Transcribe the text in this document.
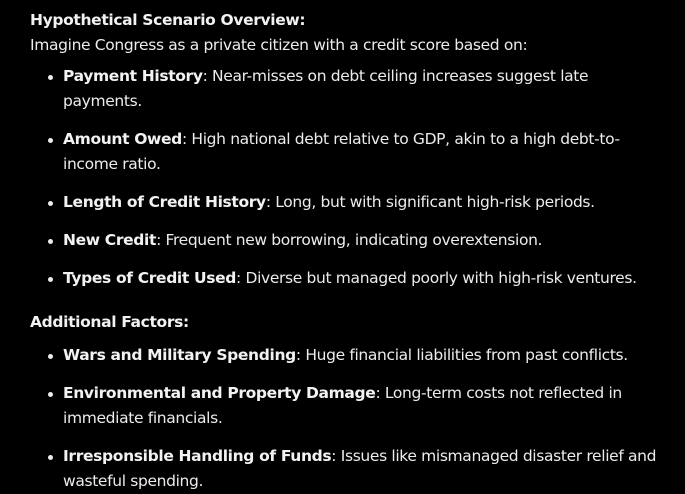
Hypothetical Scenario Overview:

Imagine Congress as a private citizen with a credit score based on:

Payment History: Near-misses on debt ceiling increases suggest late payments.
Amount Owed: High national debt relative to GDP, akin to a high debt-to-income ratio.
Length of Credit History: Long, but with significant high-risk periods.
New Credit: Frequent new borrowing, indicating overextension.
Types of Credit Used: Diverse but managed poorly with high-risk ventures.

Additional Factors:

Wars and Military Spending: Huge financial liabilities from past conflicts.
Environmental and Property Damage: Long-term costs not reflected in immediate financials.
Irresponsible Handling of Funds: Issues like mismanaged disaster relief and wasteful spending.
